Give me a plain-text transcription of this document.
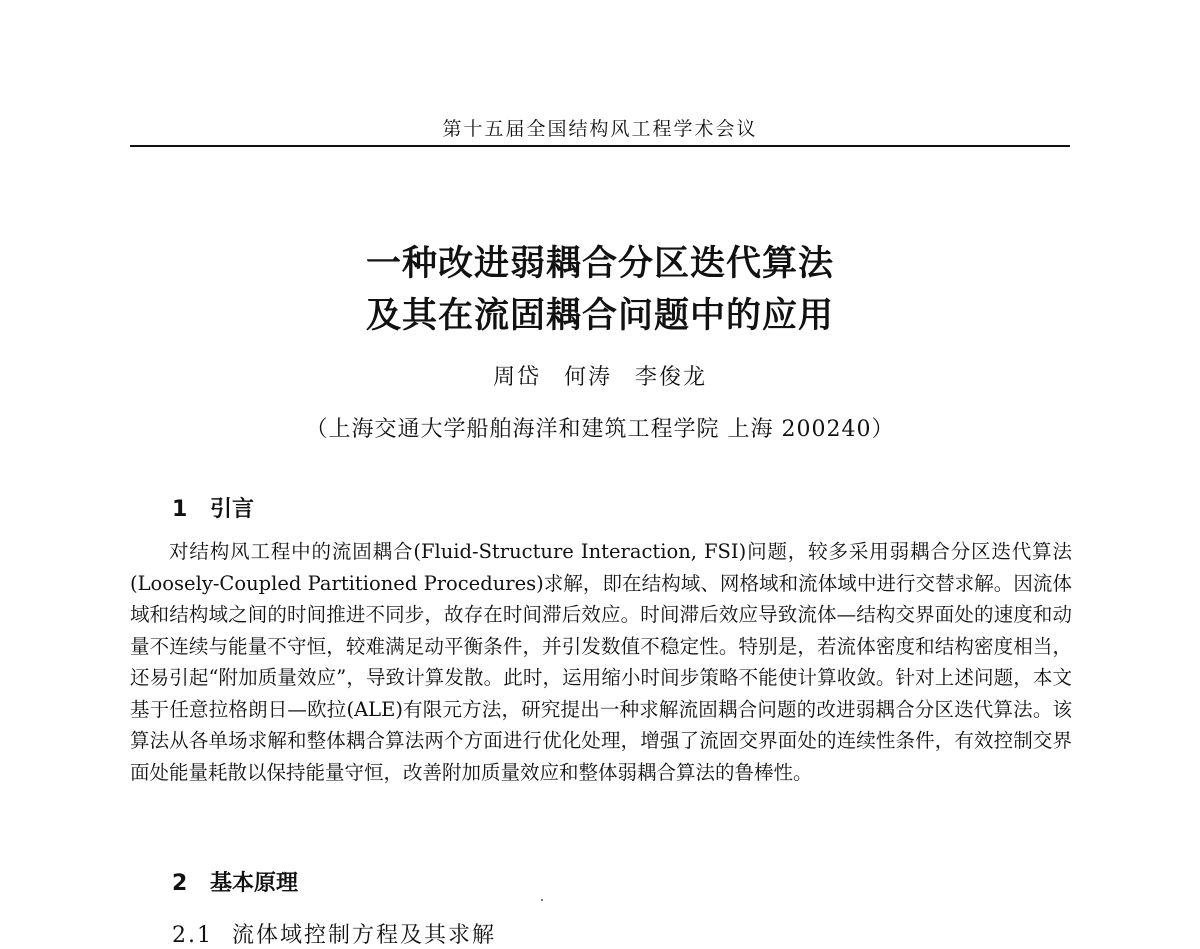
第十五届全国结构风工程学术会议
一种改进弱耦合分区迭代算法
及其在流固耦合问题中的应用
周岱 何涛 李俊龙
（上海交通大学船舶海洋和建筑工程学院 上海 200240）
1 引言

对结构风工程中的流固耦合(Fluid-Structure Interaction, FSI)问题，较多采用弱耦合分区迭代算法(Loosely-Coupled Partitioned Procedures)求解，即在结构域、网格域和流体域中进行交替求解。因流体域和结构域之间的时间推进不同步，故存在时间滞后效应。时间滞后效应导致流体—结构交界面处的速度和动量不连续与能量不守恒，较难满足动平衡条件，并引发数值不稳定性。特别是，若流体密度和结构密度相当，还易引起“附加质量效应”，导致计算发散。此时，运用缩小时间步策略不能使计算收敛。针对上述问题，本文基于任意拉格朗日—欧拉(ALE)有限元方法，研究提出一种求解流固耦合问题的改进弱耦合分区迭代算法。该算法从各单场求解和整体耦合算法两个方面进行优化处理，增强了流固交界面处的连续性条件，有效控制交界面处能量耗散以保持能量守恒，改善附加质量效应和整体弱耦合算法的鲁棒性。

2 基本原理
2.1 流体域控制方程及其求解
